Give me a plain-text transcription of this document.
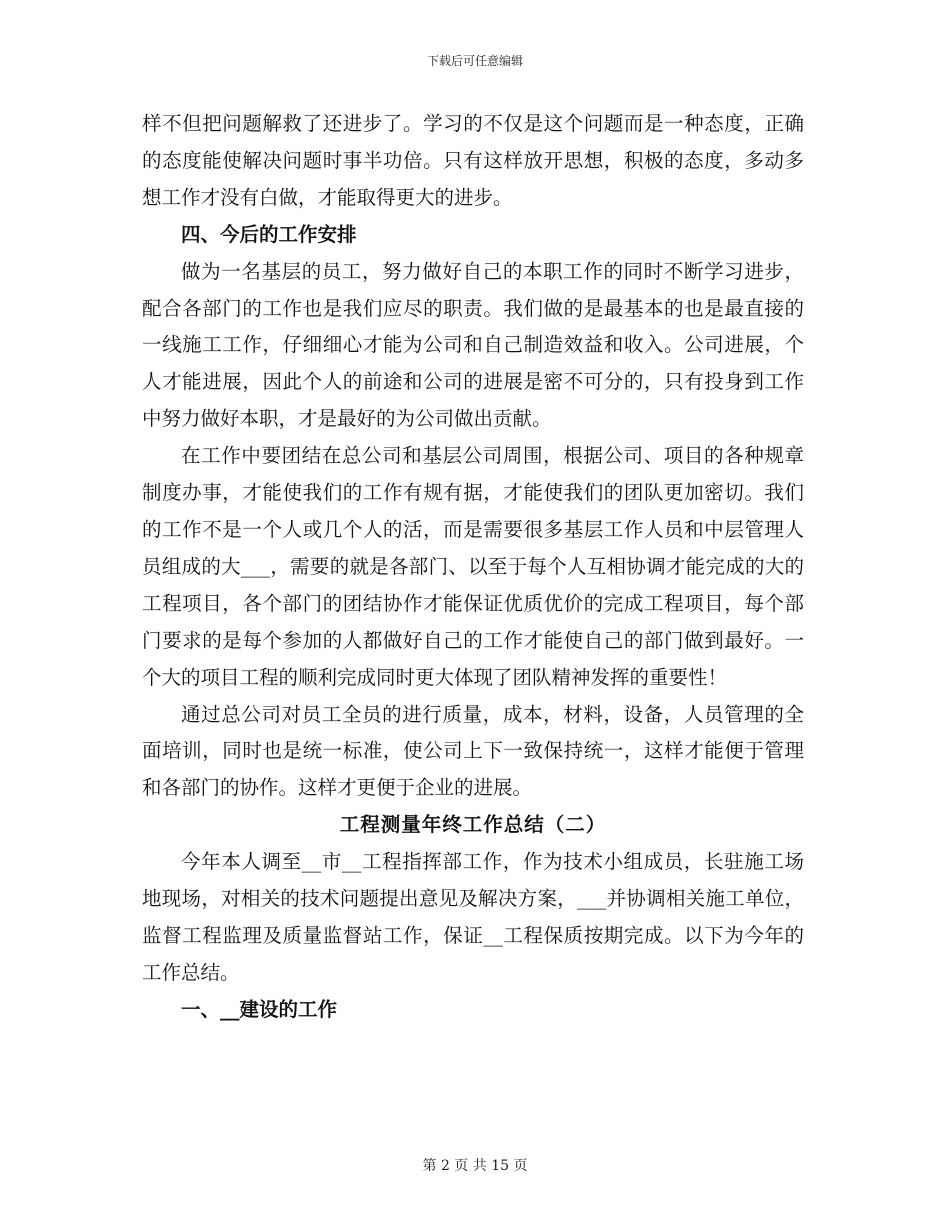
下载后可任意编辑

样不但把问题解救了还进步了。学习的不仅是这个问题而是一种态度，正确的态度能使解决问题时事半功倍。只有这样放开思想，积极的态度，多动多想工作才没有白做，才能取得更大的进步。

四、今后的工作安排

做为一名基层的员工，努力做好自己的本职工作的同时不断学习进步，配合各部门的工作也是我们应尽的职责。我们做的是最基本的也是最直接的一线施工工作，仔细细心才能为公司和自己制造效益和收入。公司进展，个人才能进展，因此个人的前途和公司的进展是密不可分的，只有投身到工作中努力做好本职，才是最好的为公司做出贡献。

在工作中要团结在总公司和基层公司周围，根据公司、项目的各种规章制度办事，才能使我们的工作有规有据，才能使我们的团队更加密切。我们的工作不是一个人或几个人的活，而是需要很多基层工作人员和中层管理人员组成的大___，需要的就是各部门、以至于每个人互相协调才能完成的大的工程项目，各个部门的团结协作才能保证优质优价的完成工程项目，每个部门要求的是每个参加的人都做好自己的工作才能使自己的部门做到最好。一个大的项目工程的顺利完成同时更大体现了团队精神发挥的重要性！

通过总公司对员工全员的进行质量，成本，材料，设备，人员管理的全面培训，同时也是统一标准，使公司上下一致保持统一，这样才能便于管理和各部门的协作。这样才更便于企业的进展。

工程测量年终工作总结（二）

今年本人调至__市__工程指挥部工作，作为技术小组成员，长驻施工场地现场，对相关的技术问题提出意见及解决方案，___并协调相关施工单位，监督工程监理及质量监督站工作，保证__工程保质按期完成。以下为今年的工作总结。

一、__建设的工作

第 2 页 共 15 页
